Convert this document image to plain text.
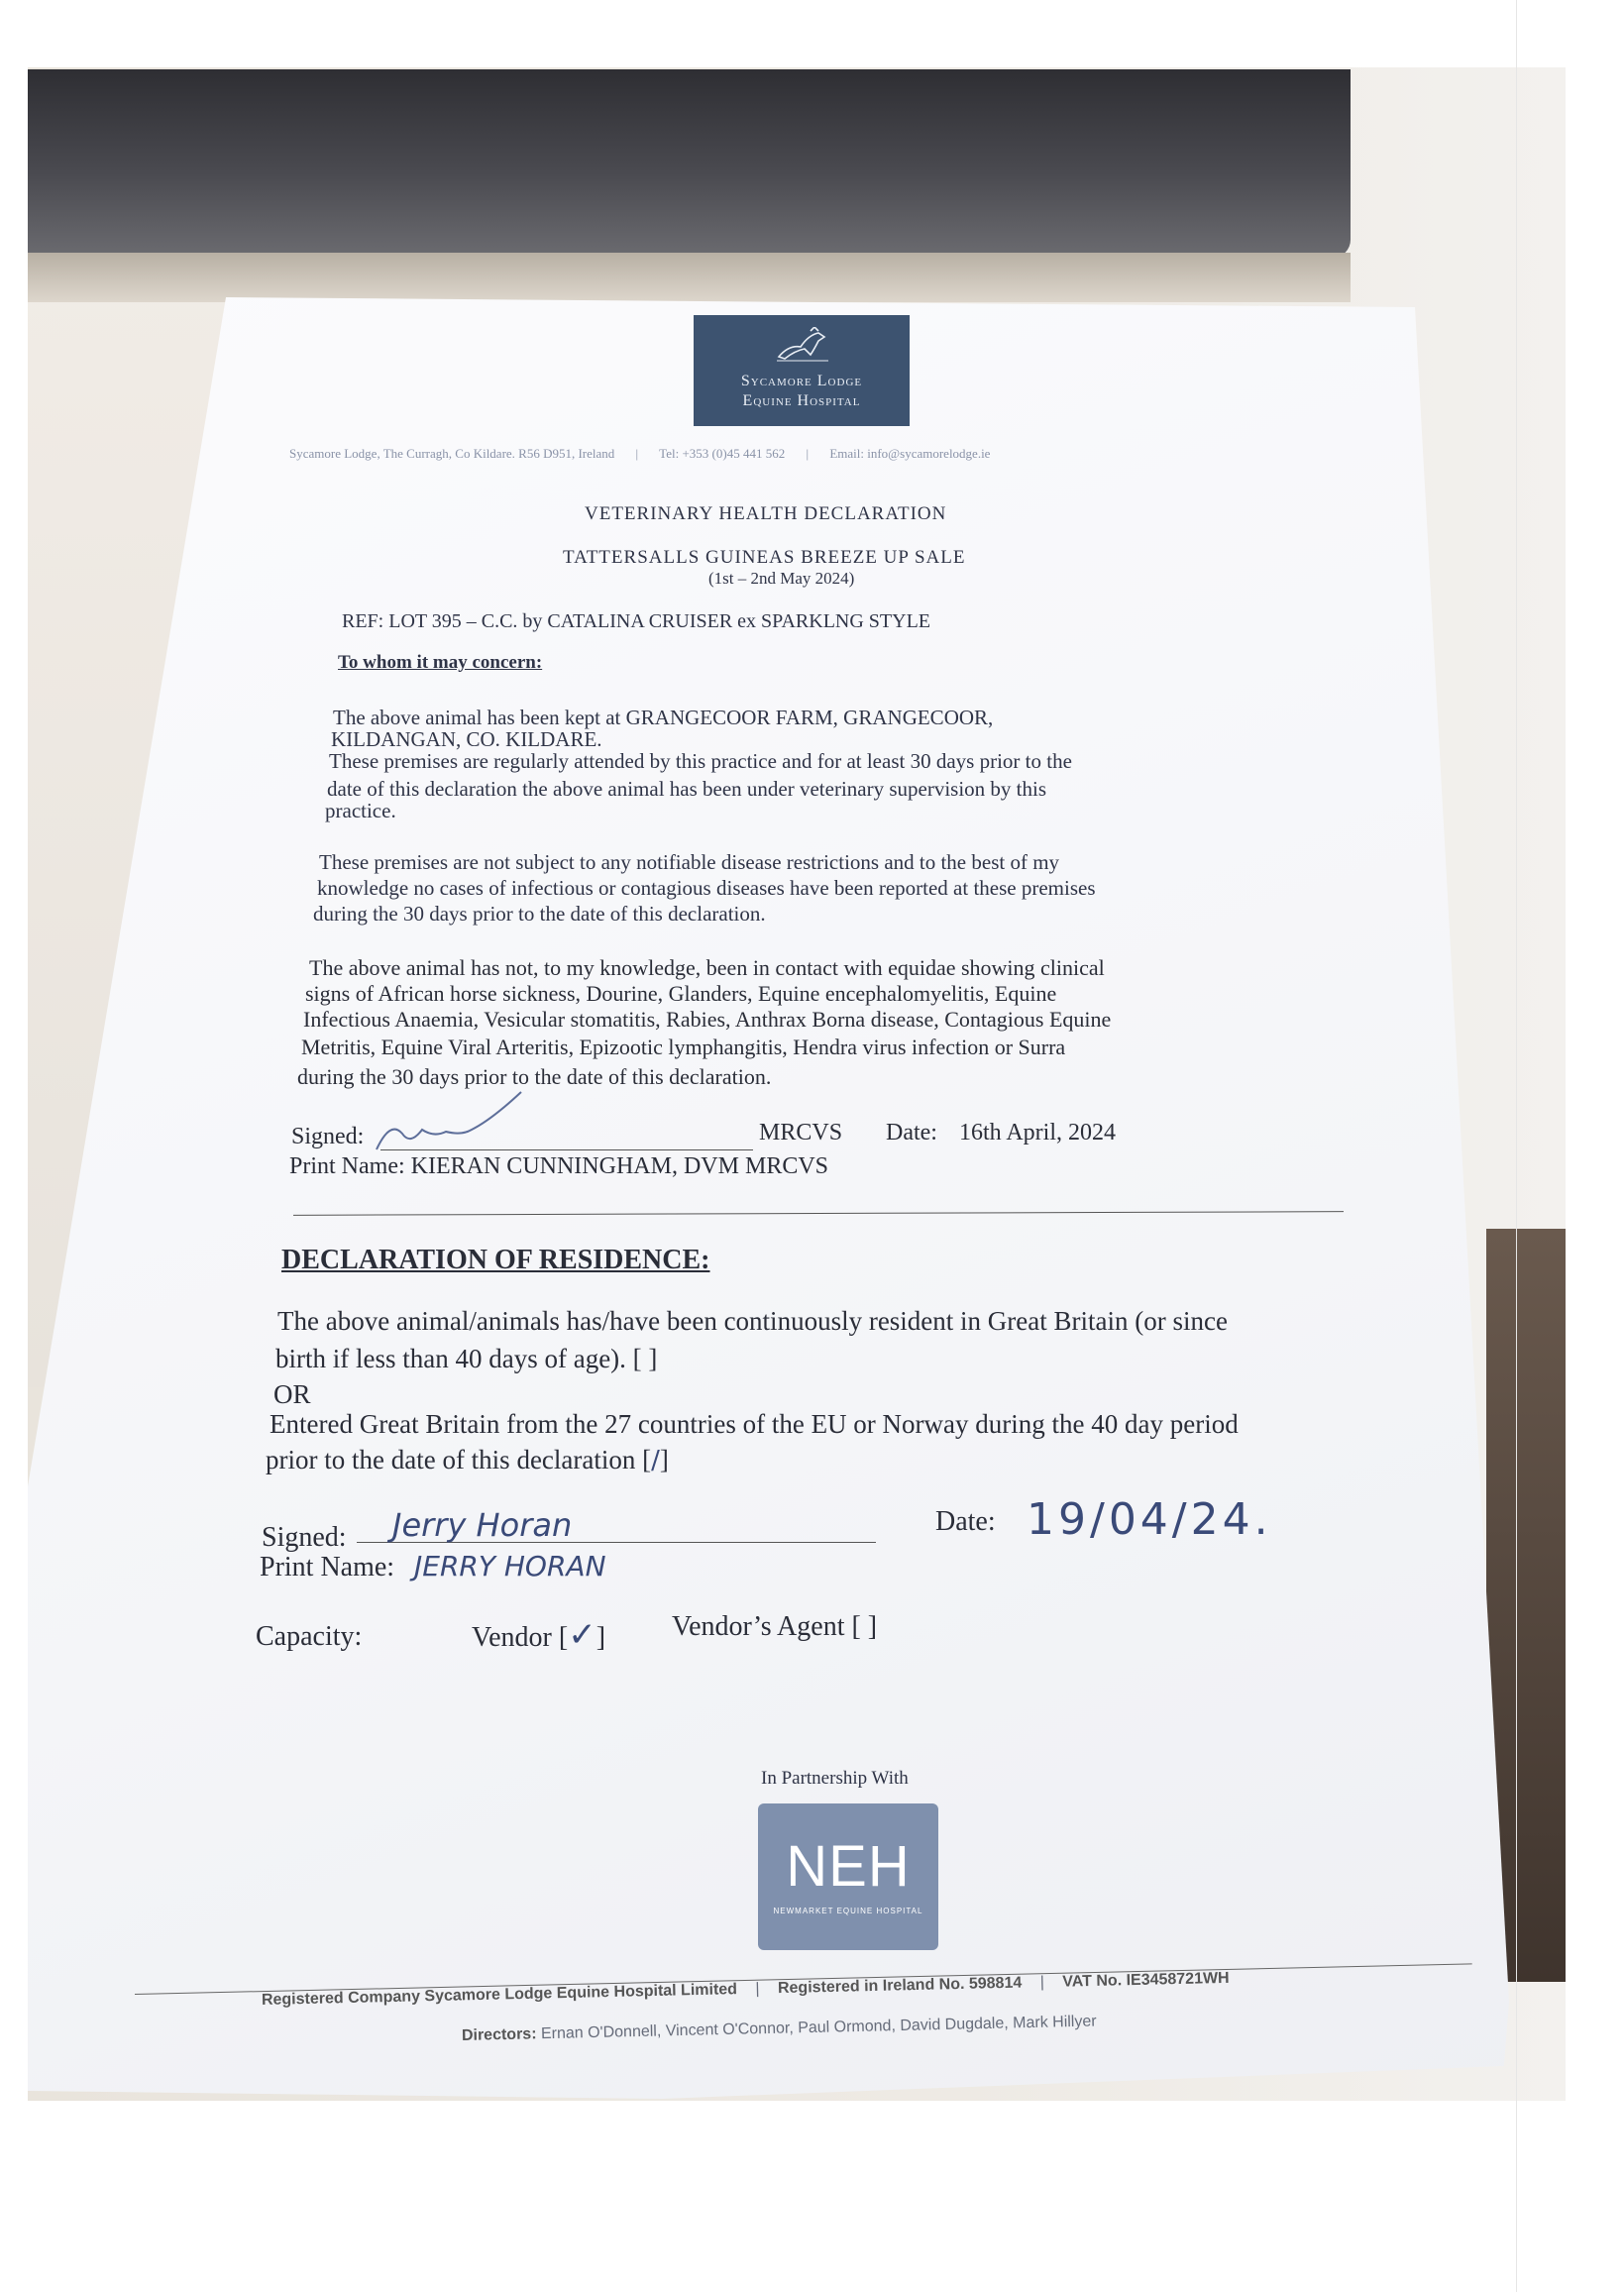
Sycamore Lodge
Equine Hospital
Sycamore Lodge, The Curragh, Co Kildare. R56 D951, Ireland | Tel: +353 (0)45 441 562 | Email: info@sycamorelodge.ie
VETERINARY HEALTH DECLARATION
TATTERSALLS GUINEAS BREEZE UP SALE
(1st – 2nd May 2024)
REF: LOT 395 – C.C. by CATALINA CRUISER ex SPARKLNG STYLE
To whom it may concern:
The above animal has been kept at GRANGECOOR FARM, GRANGECOOR,
KILDANGAN, CO. KILDARE.
These premises are regularly attended by this practice and for at least 30 days prior to the
date of this declaration the above animal has been under veterinary supervision by this
practice.
These premises are not subject to any notifiable disease restrictions and to the best of my
knowledge no cases of infectious or contagious diseases have been reported at these premises
during the 30 days prior to the date of this declaration.
The above animal has not, to my knowledge, been in contact with equidae showing clinical
signs of African horse sickness, Dourine, Glanders, Equine encephalomyelitis, Equine
Infectious Anaemia, Vesicular stomatitis, Rabies, Anthrax Borna disease, Contagious Equine
Metritis, Equine Viral Arteritis, Epizootic lymphangitis, Hendra virus infection or Surra
during the 30 days prior to the date of this declaration.
Signed:	MRCVS Date: 16th April, 2024
Print Name: KIERAN CUNNINGHAM, DVM MRCVS
DECLARATION OF RESIDENCE:
The above animal/animals has/have been continuously resident in Great Britain (or since
birth if less than 40 days of age). [ ]
OR
Entered Great Britain from the 27 countries of the EU or Norway during the 40 day period
prior to the date of this declaration [/]
Signed: Jerry Horan	Date: 19/04/24.
Print Name: JERRY HORAN
Capacity:	Vendor [✓] Vendor’s Agent [ ]
In Partnership With
NEH
NEWMARKET EQUINE HOSPITAL
Registered Company Sycamore Lodge Equine Hospital Limited | Registered in Ireland No. 598814 | VAT No. IE3458721WH
Directors: Ernan O'Donnell, Vincent O'Connor, Paul Ormond, David Dugdale, Mark Hillyer
